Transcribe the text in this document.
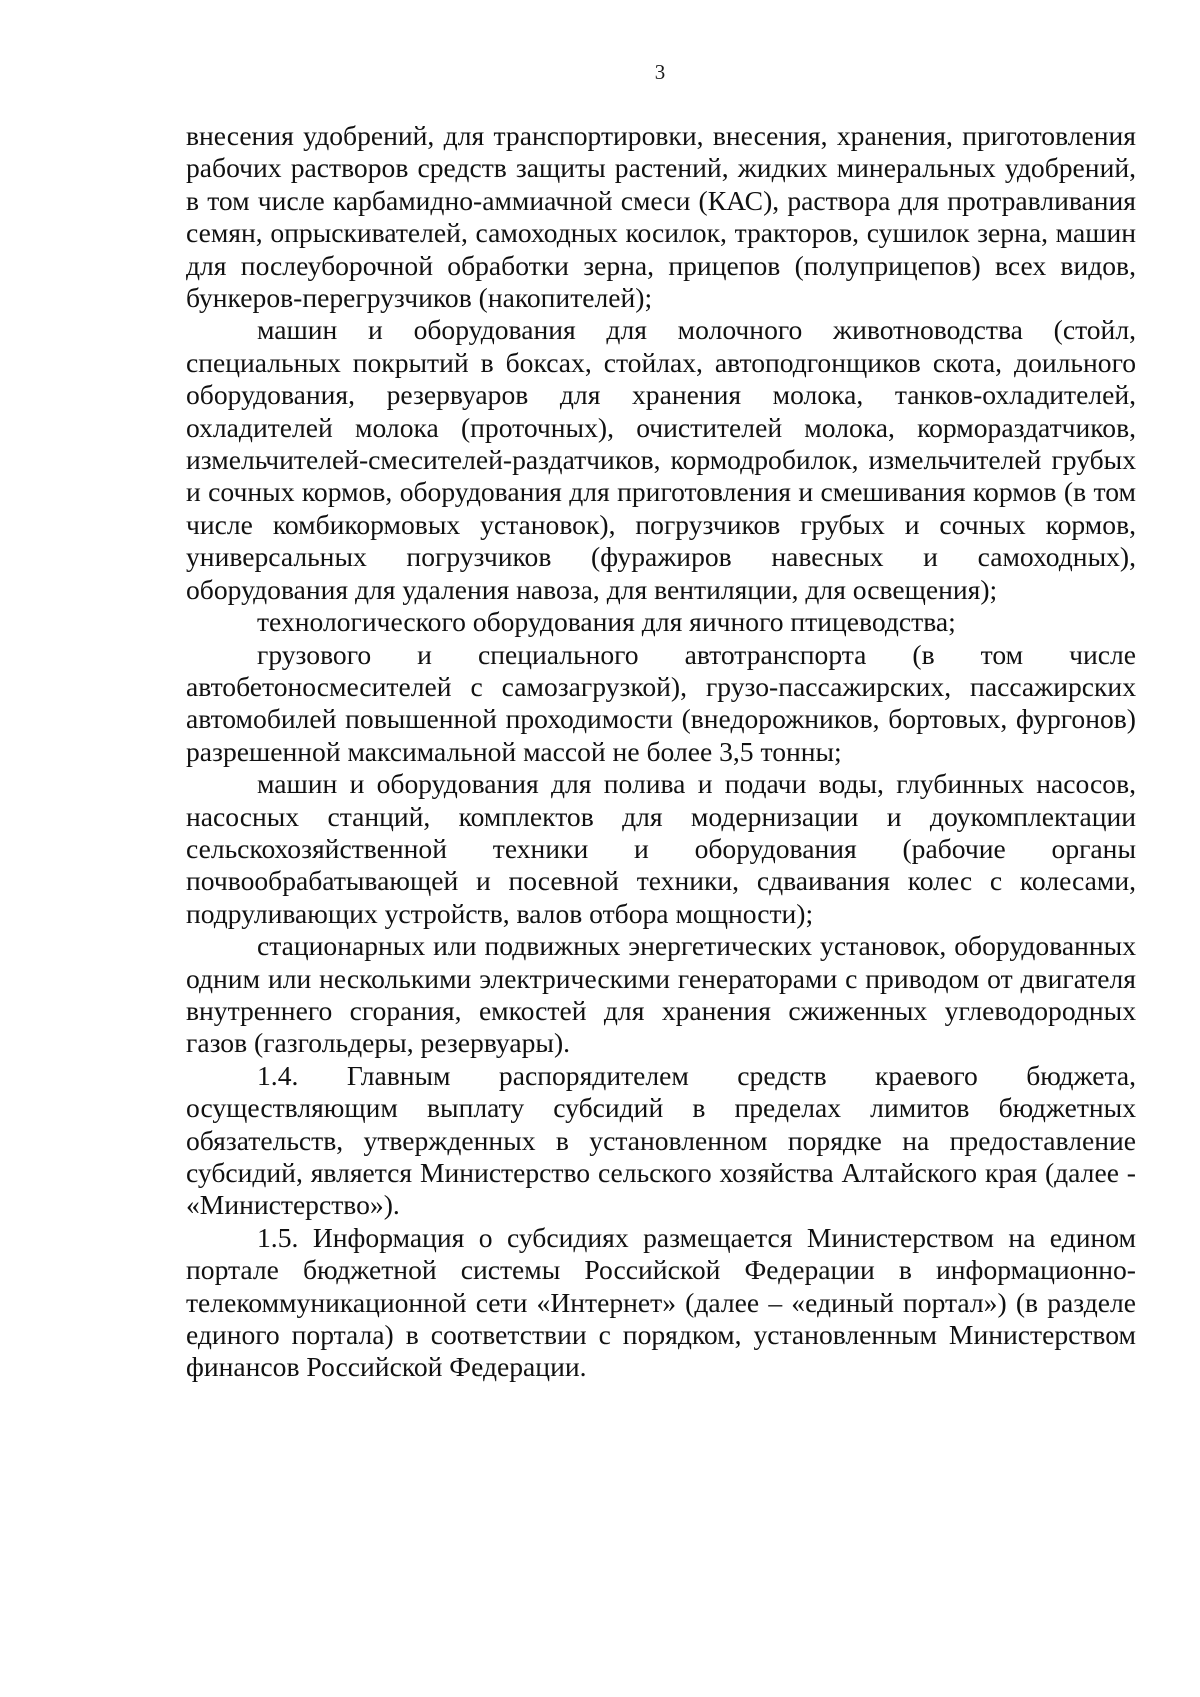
3

внесения удобрений, для транспортировки, внесения, хранения, приготовления рабочих растворов средств защиты растений, жидких минеральных удобрений, в том числе карбамидно-аммиачной смеси (КАС), раствора для протравливания семян, опрыскивателей, самоходных косилок, тракторов, сушилок зерна, машин для послеуборочной обработки зерна, прицепов (полуприцепов) всех видов, бункеров-перегрузчиков (накопителей);

машин и оборудования для молочного животноводства (стойл, специальных покрытий в боксах, стойлах, автоподгонщиков скота, доильного оборудования, резервуаров для хранения молока, танков-охладителей, охладителей молока (проточных), очистителей молока, кормораздатчиков, измельчителей-смесителей-раздатчиков, кормодробилок, измельчителей грубых и сочных кормов, оборудования для приготовления и смешивания кормов (в том числе комбикормовых установок), погрузчиков грубых и сочных кормов, универсальных погрузчиков (фуражиров навесных и самоходных), оборудования для удаления навоза, для вентиляции, для освещения);

технологического оборудования для яичного птицеводства;

грузового и специального автотранспорта (в том числе автобетоносмесителей с самозагрузкой), грузо-пассажирских, пассажирских автомобилей повышенной проходимости (внедорожников, бортовых, фургонов) разрешенной максимальной массой не более 3,5 тонны;

машин и оборудования для полива и подачи воды, глубинных насосов, насосных станций, комплектов для модернизации и доукомплектации сельскохозяйственной техники и оборудования (рабочие органы почвообрабатывающей и посевной техники, сдваивания колес с колесами, подруливающих устройств, валов отбора мощности);

стационарных или подвижных энергетических установок, оборудованных одним или несколькими электрическими генераторами с приводом от двигателя внутреннего сгорания, емкостей для хранения сжиженных углеводородных газов (газгольдеры, резервуары).

1.4. Главным распорядителем средств краевого бюджета, осуществляющим выплату субсидий в пределах лимитов бюджетных обязательств, утвержденных в установленном порядке на предоставление субсидий, является Министерство сельского хозяйства Алтайского края (далее - «Министерство»).

1.5. Информация о субсидиях размещается Министерством на едином портале бюджетной системы Российской Федерации в информационно-телекоммуникационной сети «Интернет» (далее – «единый портал») (в разделе единого портала) в соответствии с порядком, установленным Министерством финансов Российской Федерации.
